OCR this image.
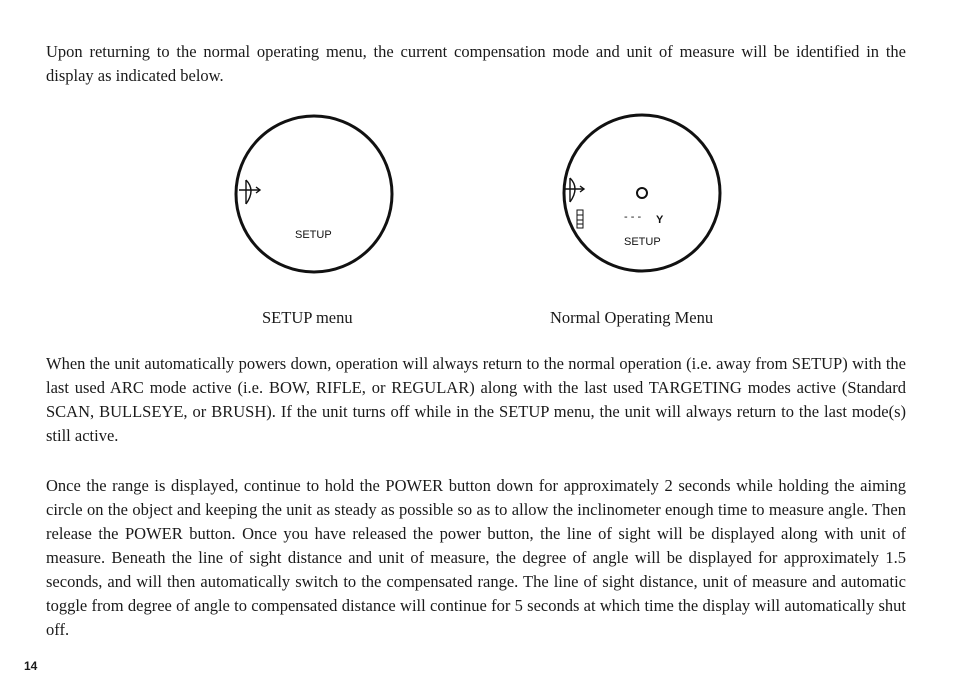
Upon returning to the normal operating menu, the current compensation mode and unit of measure will be identified in the display as indicated below.

SETUP
- - - Y
SETUP
SETUP menu	Normal Operating Menu

When the unit automatically powers down, operation will always return to the normal operation (i.e. away from SETUP) with the last used ARC mode active (i.e. BOW, RIFLE, or REGULAR) along with the last used TARGETING modes active (Standard SCAN, BULLSEYE, or BRUSH). If the unit turns off while in the SETUP menu, the unit will always return to the last mode(s) still active.

Once the range is displayed, continue to hold the POWER button down for approximately 2 seconds while holding the aiming circle on the object and keeping the unit as steady as possible so as to allow the inclinometer enough time to measure angle. Then release the POWER button. Once you have released the power button, the line of sight will be displayed along with unit of measure. Beneath the line of sight distance and unit of measure, the degree of angle will be displayed for approximately 1.5 seconds, and will then automatically switch to the compensated range. The line of sight distance, unit of measure and automatic toggle from degree of angle to compensated distance will continue for 5 seconds at which time the display will automatically shut off.

14
